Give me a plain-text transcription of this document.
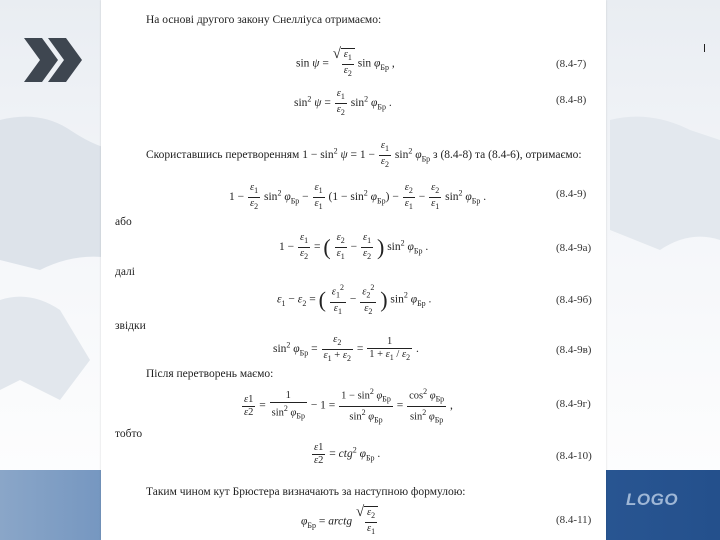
LOGO
На основі другого закону Снелліуса отримаємо:
sin ψ =
√ $\frac{\varepsilon_1}{\varepsilon_2}$ $\sin \varphi_{Бр}$ ,	(8.4-7)
$\sin^2 \psi = \frac{\varepsilon_1}{\varepsilon_2} \sin^2 \varphi_{Бр}$ .	(8.4-8)
Скориставшись перетворенням $1 - \sin^2 \psi = 1 - \frac{\varepsilon_1}{\varepsilon_2} \sin^2 \varphi_{Бр}$ з (8.4-8) та (8.4-6), отримаємо:
$1 - \frac{\varepsilon_1}{\varepsilon_2} \sin^2 \varphi_{Бр} - \frac{\varepsilon_1}{\varepsilon_1} (1 - \sin^2 \varphi_{Бр}) - \frac{\varepsilon_2}{\varepsilon_1} - \frac{\varepsilon_2}{\varepsilon_1} \sin^2 \varphi_{Бр}$ .	(8.4-9)
або
$1 - \frac{\varepsilon_1}{\varepsilon_2}$ = ( $\frac{\varepsilon_2}{\varepsilon_1} - \frac{\varepsilon_1}{\varepsilon_2}$ ) $\sin^2 \varphi_{Бр}$ .	(8.4-9а)
далі
$\varepsilon_1 - \varepsilon_2$ = ( $\frac{\varepsilon_1^2}{\varepsilon_1} - \frac{\varepsilon_2^2}{\varepsilon_2}$ ) $\sin^2 \varphi_{Бр}$ .	(8.4-9б)
звідки
$\sin^2 \varphi_{Бр} = \frac{\varepsilon_2}{\varepsilon_1 + \varepsilon_2} = \frac{1}{1 + \varepsilon_1 / \varepsilon_2}$ .	(8.4-9в)
Після перетворень маємо:
$\frac{\varepsilon 1}{\varepsilon 2} = \frac{1}{\sin^2 \varphi_{Бр}} - 1 = \frac{1 - \sin^2 \varphi_{Бр}}{\sin^2 \varphi_{Бр}} = \frac{\cos^2 \varphi_{Бр}}{\sin^2 \varphi_{Бр}}$ ,	(8.4-9г)
тобто
$\frac{\varepsilon 1}{\varepsilon 2} = ctg^2$ $\varphi_{Бр}$ .	(8.4-10)
Таким чином кут Брюстера визначають за наступною формулою:
$\varphi_{Бр}$ = arctg
√ $\frac{\varepsilon_2}{\varepsilon_1}$	(8.4-11)
